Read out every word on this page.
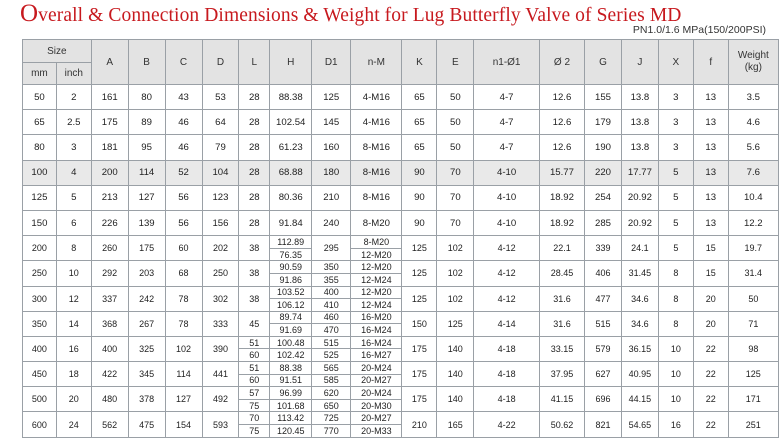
Overall & Connection Dimensions & Weight for Lug Butterfly Valve of Series MD
PN1.0/1.6 MPa(150/200PSI)
Size		A	B	C	D	L	H	D1	n-M	K	E	n1-Ø1	Ø 2	G	J	X	f	Weight
(kg)
mm	inch																	
50	2	161	80	43	53	28	88.38	125	4-M16	65	50	4-7	12.6	155	13.8	3	13	3.5
65	2.5	175	89	46	64	28	102.54	145	4-M16	65	50	4-7	12.6	179	13.8	3	13	4.6
80	3	181	95	46	79	28	61.23	160	8-M16	65	50	4-7	12.6	190	13.8	3	13	5.6
100	4	200	114	52	104	28	68.88	180	8-M16	90	70	4-10	15.77	220	17.77	5	13	7.6
125	5	213	127	56	123	28	80.36	210	8-M16	90	70	4-10	18.92	254	20.92	5	13	10.4
150	6	226	139	56	156	28	91.84	240	8-M20	90	70	4-10	18.92	285	20.92	5	13	12.2
200	8	260	175	60	202	38	112.89	295	8-M20	125	102	4-12	22.1	339	24.1	5	15	19.7
							76.35		12-M20									
250	10	292	203	68	250	38	90.59	350	12-M20	125	102	4-12	28.45	406	31.45	8	15	31.4
							91.86	355	12-M24									
300	12	337	242	78	302	38	103.52	400	12-M20	125	102	4-12	31.6	477	34.6	8	20	50
							106.12	410	12-M24									
350	14	368	267	78	333	45	89.74	460	16-M20	150	125	4-14	31.6	515	34.6	8	20	71
							91.69	470	16-M24									
400	16	400	325	102	390	51	100.48	515	16-M24	175	140	4-18	33.15	579	36.15	10	22	98
						60	102.42	525	16-M27									
450	18	422	345	114	441	51	88.38	565	20-M24	175	140	4-18	37.95	627	40.95	10	22	125
						60	91.51	585	20-M27									
500	20	480	378	127	492	57	96.99	620	20-M24	175	140	4-18	41.15	696	44.15	10	22	171
						75	101.68	650	20-M30									
600	24	562	475	154	593	70	113.42	725	20-M27	210	165	4-22	50.62	821	54.65	16	22	251
						75	120.45	770	20-M33									
